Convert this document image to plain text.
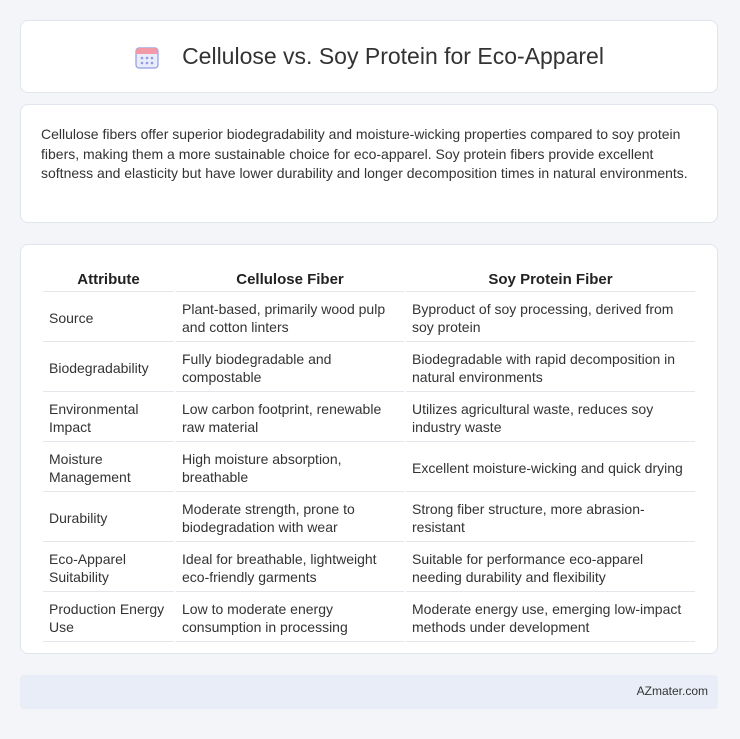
Cellulose vs. Soy Protein for Eco-Apparel
Cellulose fibers offer superior biodegradability and moisture-wicking properties compared to soy protein fibers, making them a more sustainable choice for eco-apparel. Soy protein fibers provide excellent softness and elasticity but have lower durability and longer decomposition times in natural environments.
Attribute	Cellulose Fiber	Soy Protein Fiber
Source	Plant-based, primarily wood pulp and cotton linters	Byproduct of soy processing, derived from soy protein
Biodegradability	Fully biodegradable and compostable	Biodegradable with rapid decomposition in natural environments
Environmental Impact	Low carbon footprint, renewable raw material	Utilizes agricultural waste, reduces soy industry waste
Moisture Management	High moisture absorption, breathable	Excellent moisture-wicking and quick drying
Durability	Moderate strength, prone to biodegradation with wear	Strong fiber structure, more abrasion-resistant
Eco-Apparel Suitability	Ideal for breathable, lightweight eco-friendly garments	Suitable for performance eco-apparel needing durability and flexibility
Production Energy Use	Low to moderate energy consumption in processing	Moderate energy use, emerging low-impact methods under development
AZmater.com
